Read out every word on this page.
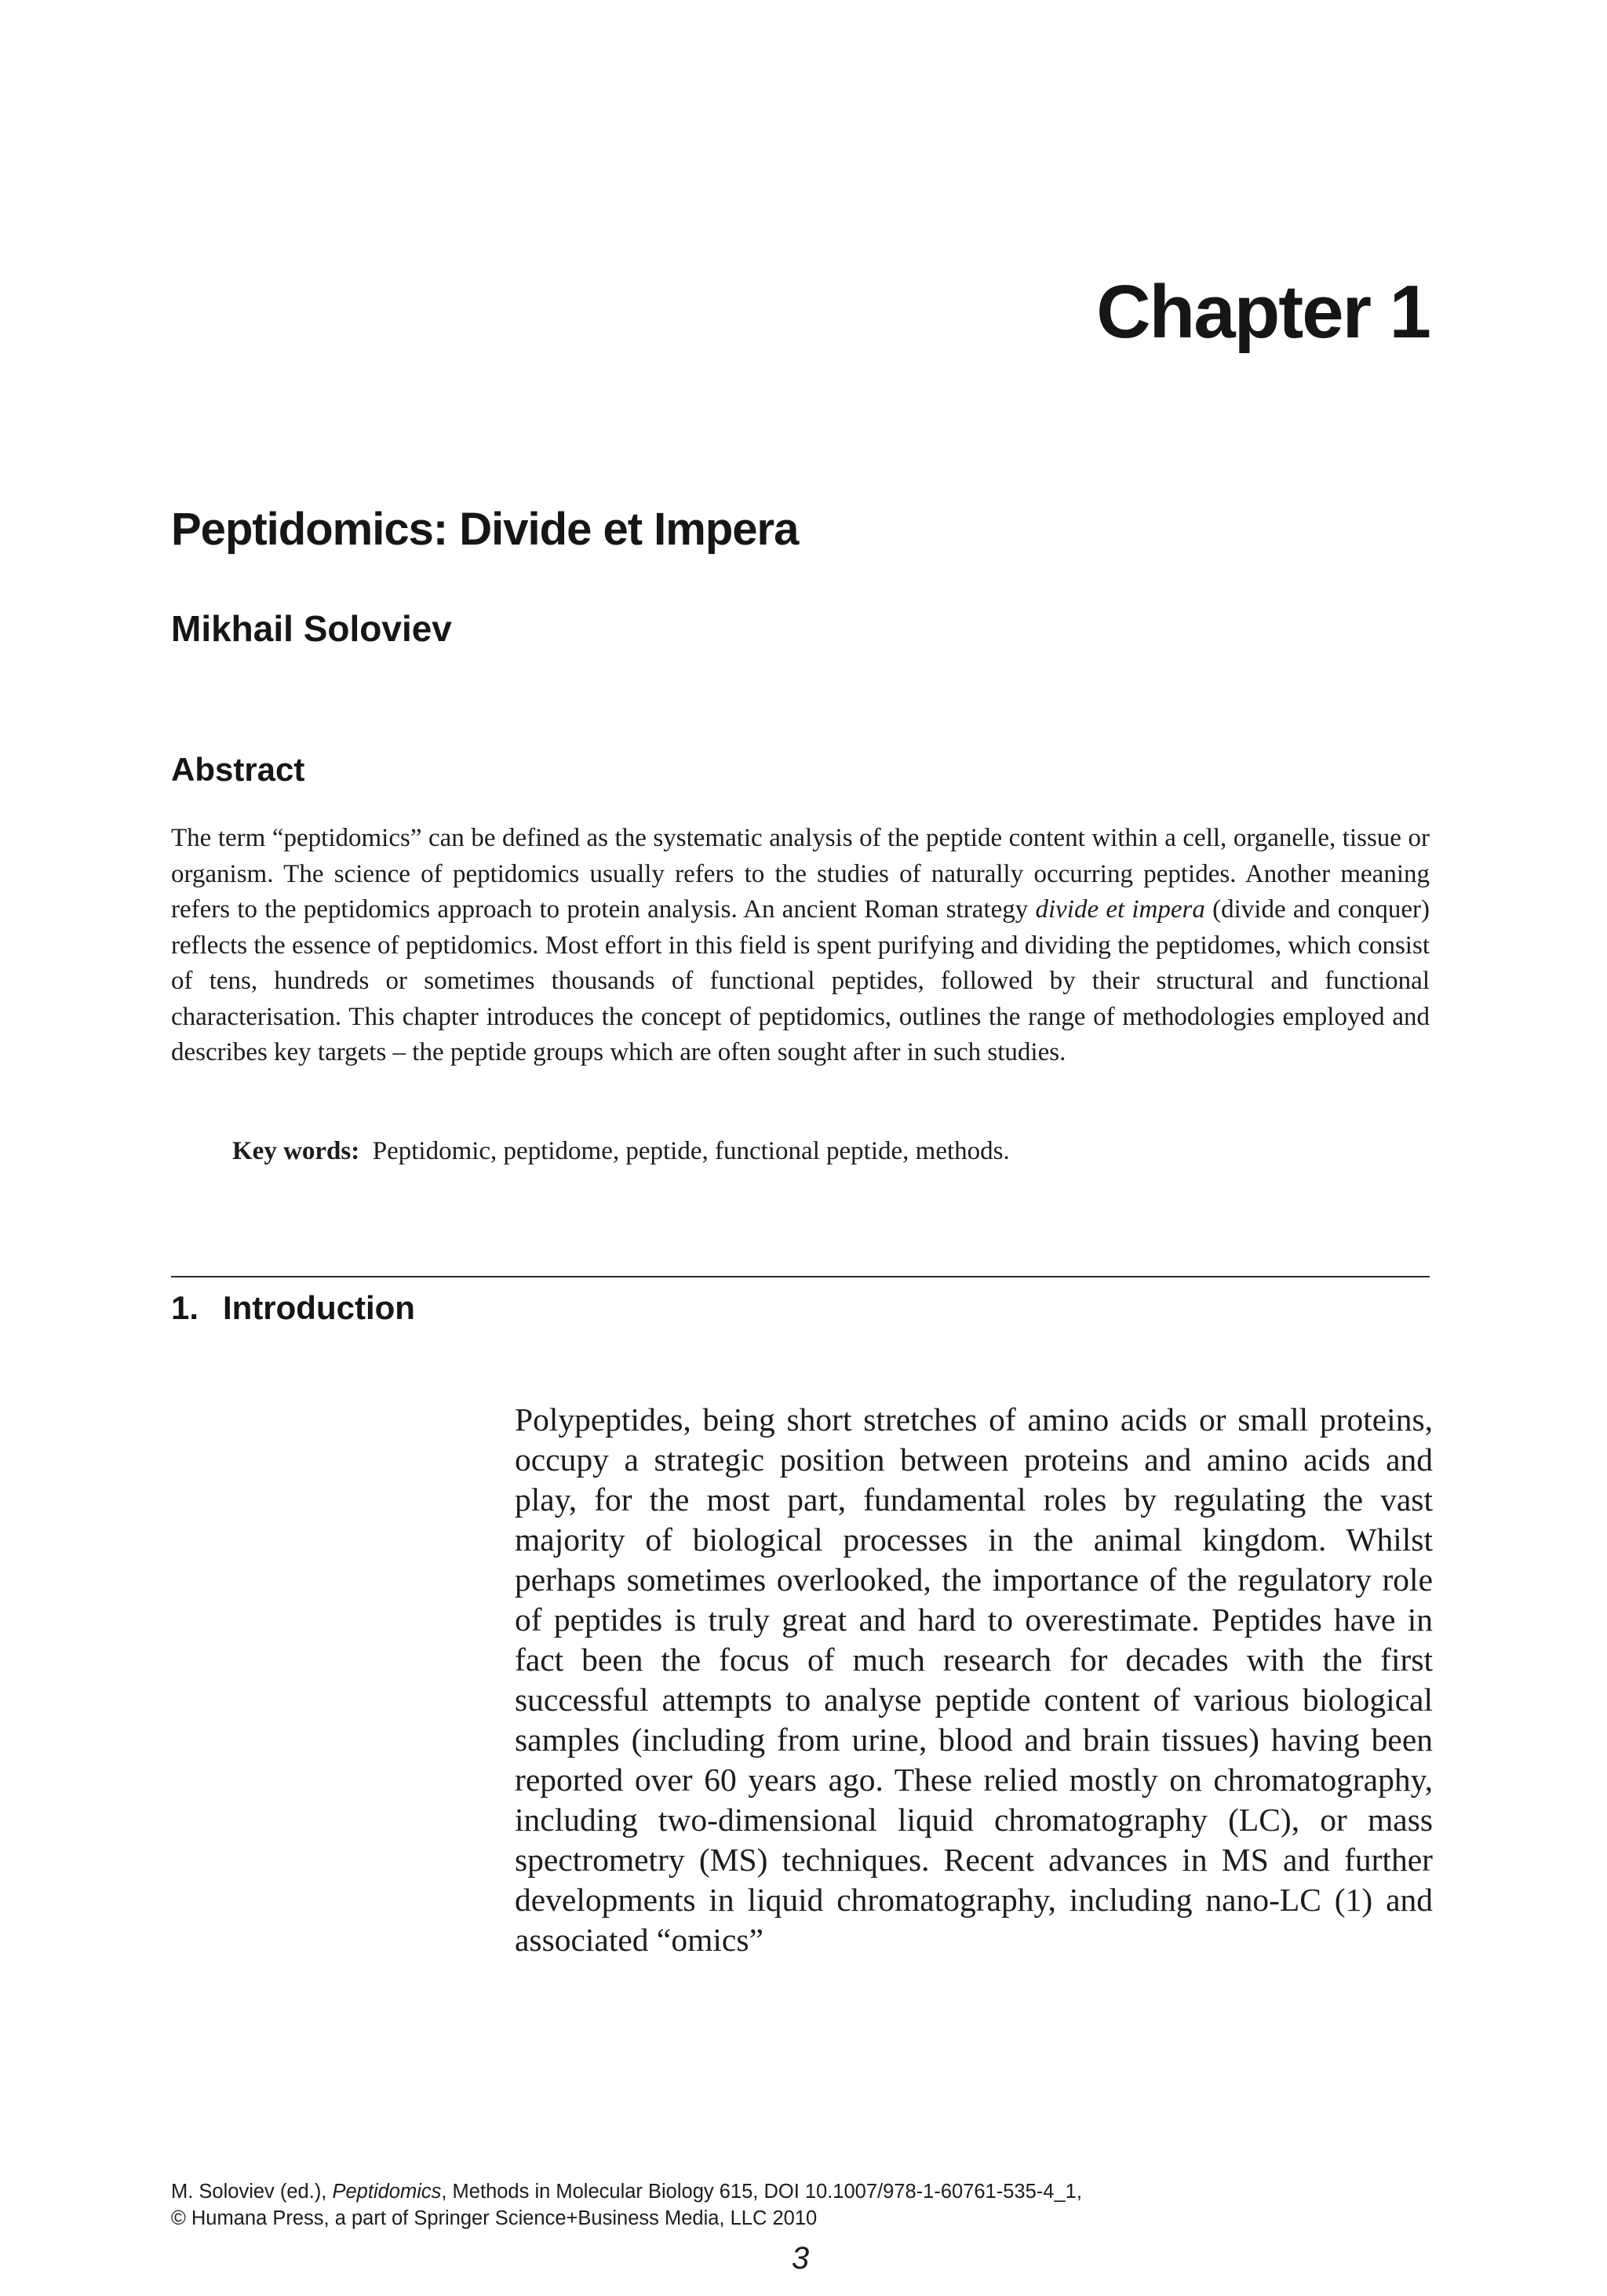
Chapter 1
Peptidomics: Divide et Impera
Mikhail Soloviev
Abstract

The term “peptidomics” can be defined as the systematic analysis of the peptide content within a cell, organelle, tissue or organism. The science of peptidomics usually refers to the studies of naturally occurring peptides. Another meaning refers to the peptidomics approach to protein analysis. An ancient Roman strategy divide et impera (divide and conquer) reflects the essence of peptidomics. Most effort in this field is spent purifying and dividing the peptidomes, which consist of tens, hundreds or sometimes thousands of functional peptides, followed by their structural and functional characterisation. This chapter introduces the concept of peptidomics, outlines the range of methodologies employed and describes key targets – the peptide groups which are often sought after in such studies.

Key words: Peptidomic, peptidome, peptide, functional peptide, methods.
1. Introduction

Polypeptides, being short stretches of amino acids or small proteins, occupy a strategic position between proteins and amino acids and play, for the most part, fundamental roles by regulating the vast majority of biological processes in the animal kingdom. Whilst perhaps sometimes overlooked, the importance of the regulatory role of peptides is truly great and hard to overestimate. Peptides have in fact been the focus of much research for decades with the first successful attempts to analyse peptide content of various biological samples (including from urine, blood and brain tissues) having been reported over 60 years ago. These relied mostly on chromatography, including two-dimensional liquid chromatography (LC), or mass spectrometry (MS) techniques. Recent advances in MS and further developments in liquid chromatography, including nano-LC (1) and associated “omics”

M. Soloviev (ed.), Peptidomics, Methods in Molecular Biology 615, DOI 10.1007/978-1-60761-535-4_1,
© Humana Press, a part of Springer Science+Business Media, LLC 2010
3
